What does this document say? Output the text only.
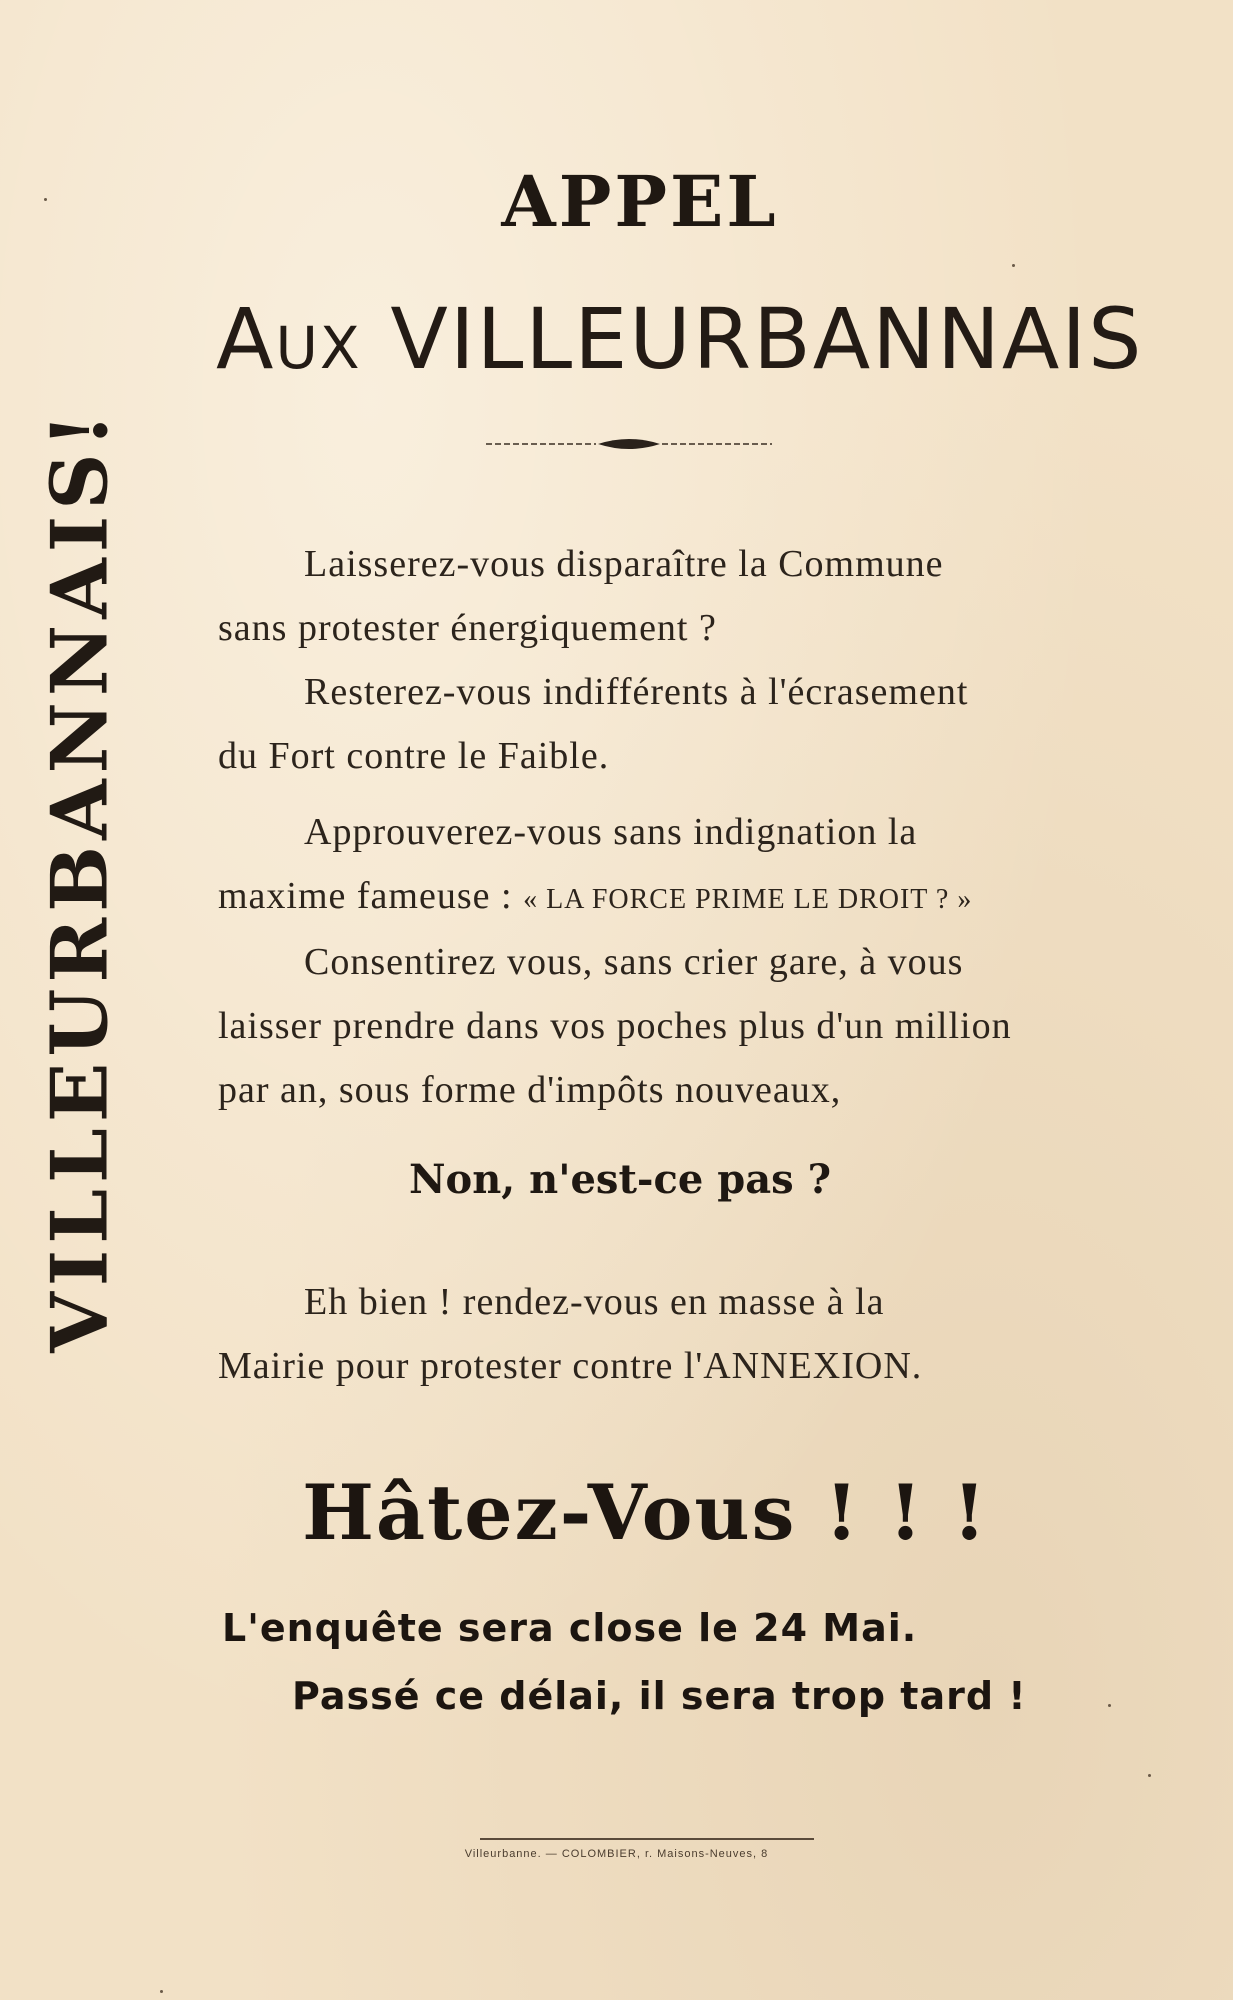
VILLEURBANNAIS!
APPEL
AUX VILLEURBANNAIS
Laisserez-vous disparaître la Commune
sans protester énergiquement ?
Resterez-vous indifférents à l'écrasement
du Fort contre le Faible.
Approuverez-vous sans indignation la
maxime fameuse : « LA FORCE PRIME LE DROIT ? »
Consentirez vous, sans crier gare, à vous
laisser prendre dans vos poches plus d'un million
par an, sous forme d'impôts nouveaux,
Non, n'est-ce pas ?
Eh bien ! rendez-vous en masse à la
Mairie pour protester contre l'ANNEXION.
Hâtez-Vous ! ! !
L'enquête sera close le 24 Mai.
Passé ce délai, il sera trop tard !
Villeurbanne. — COLOMBIER, r. Maisons-Neuves, 8
